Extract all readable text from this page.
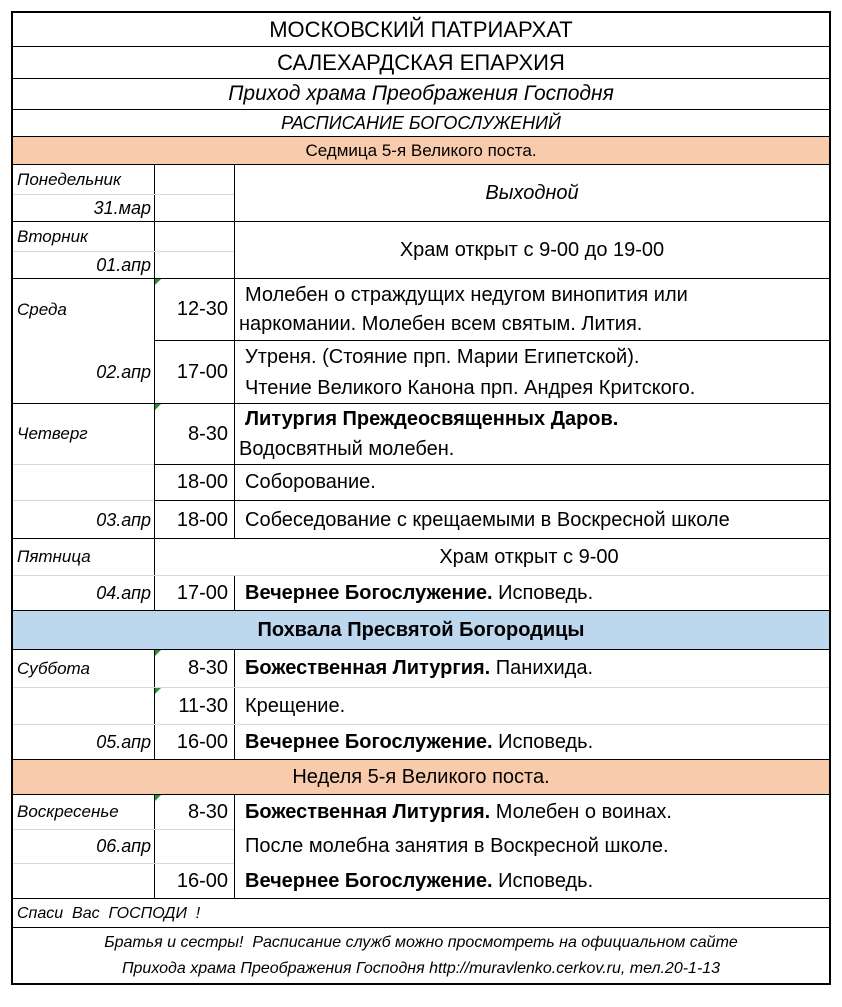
МОСКОВСКИЙ ПАТРИАРХАТ
САЛЕХАРДСКАЯ ЕПАРХИЯ
Приход храма Преображения Господня
РАСПИСАНИЕ БОГОСЛУЖЕНИЙ
Седмица 5-я Великого поста.
Понедельник
31.мар
Выходной
Вторник
01.апр
Храм открыт с 9-00 до 19-00
Среда	12-30
Молебен о страждущих недугом винопития или
наркомании. Молебен всем святым. Лития.
02.апр	17-00
Утреня. (Стояние прп. Марии Египетской).
Чтение Великого Канона прп. Андрея Критского.
Четверг	8-30
Литургия Преждеосвященных Даров.
Водосвятный молебен.
18-00 Соборование.
03.апр	18-00 Собеседование с крещаемыми в Воскресной школе
Пятница	Храм открыт с 9-00
04.апр	17-00 Вечернее Богослужение. Исповедь.
Похвала Пресвятой Богородицы
Суббота	8-30 Божественная Литургия. Панихида.
11-30 Крещение.
05.апр	16-00 Вечернее Богослужение. Исповедь.
Неделя 5-я Великого поста.
Воскресенье	8-30 Божественная Литургия. Молебен о воинах.
06.апр	После молебна занятия в Воскресной школе.
16-00 Вечернее Богослужение. Исповедь.
Спаси  Вас  ГОСПОДИ  !
Братья и сестры!  Расписание служб можно просмотреть на официальном сайте
Прихода храма Преображения Господня http://muravlenko.cerkov.ru, тел.20-1-13
